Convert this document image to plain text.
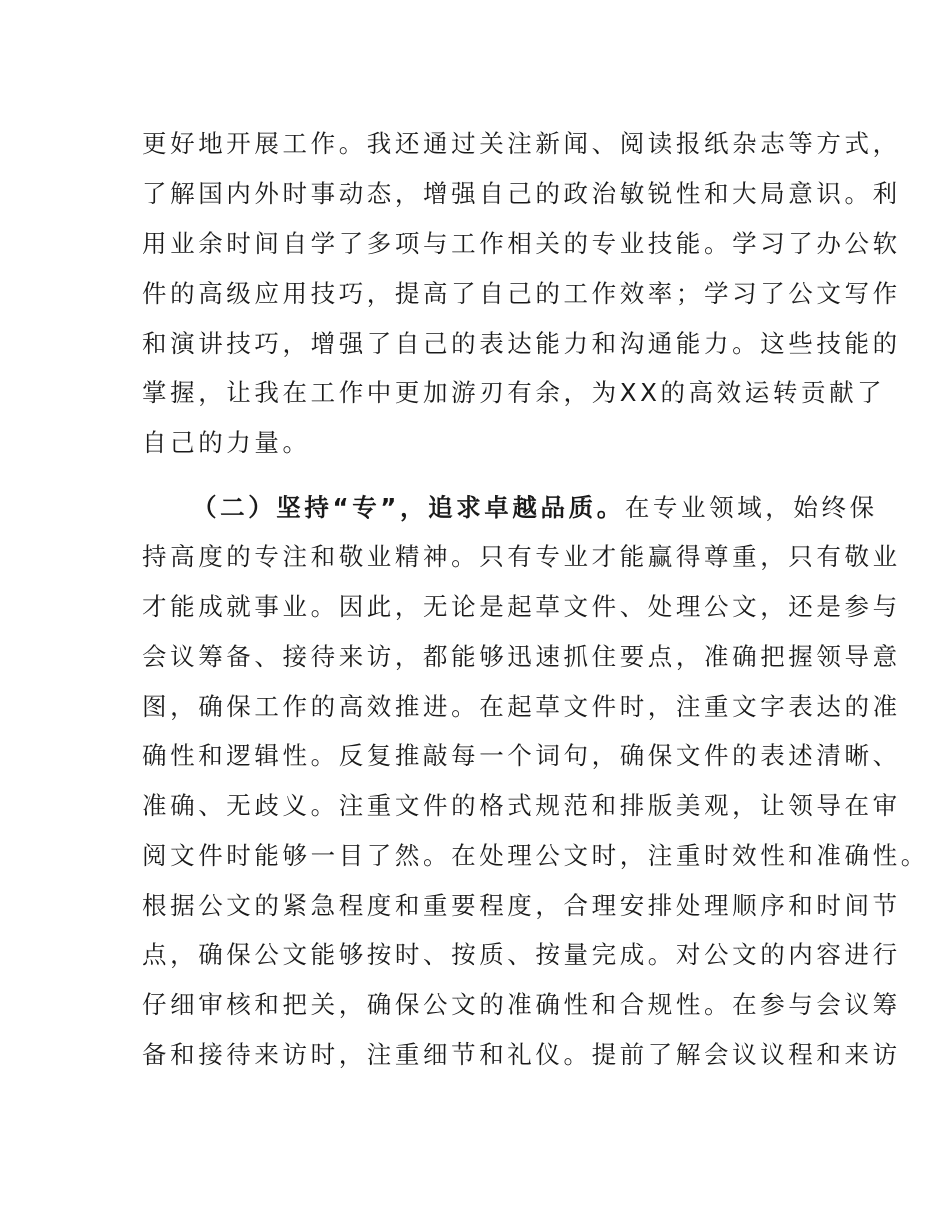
更好地开展工作。我还通过关注新闻、阅读报纸杂志等方式，

了解国内外时事动态，增强自己的政治敏锐性和大局意识。利

用业余时间自学了多项与工作相关的专业技能。学习了办公软

件的高级应用技巧，提高了自己的工作效率；学习了公文写作

和演讲技巧，增强了自己的表达能力和沟通能力。这些技能的

掌握，让我在工作中更加游刃有余，为XX的高效运转贡献了

自己的力量。

（二）坚持“专”，追求卓越品质。在专业领域，始终保

持高度的专注和敬业精神。只有专业才能赢得尊重，只有敬业

才能成就事业。因此，无论是起草文件、处理公文，还是参与

会议筹备、接待来访，都能够迅速抓住要点，准确把握领导意

图，确保工作的高效推进。在起草文件时，注重文字表达的准

确性和逻辑性。反复推敲每一个词句，确保文件的表述清晰、

准确、无歧义。注重文件的格式规范和排版美观，让领导在审

阅文件时能够一目了然。在处理公文时，注重时效性和准确性。

根据公文的紧急程度和重要程度，合理安排处理顺序和时间节

点，确保公文能够按时、按质、按量完成。对公文的内容进行

仔细审核和把关，确保公文的准确性和合规性。在参与会议筹

备和接待来访时，注重细节和礼仪。提前了解会议议程和来访
